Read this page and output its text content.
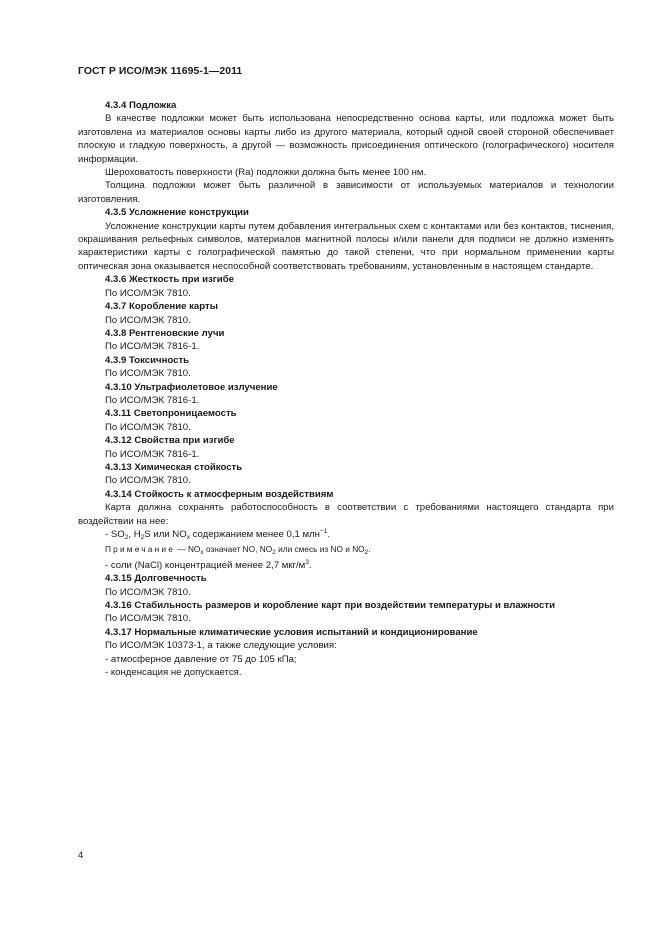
ГОСТ Р ИСО/МЭК 11695-1—2011

4.3.4 Подложка

В качестве подложки может быть использована непосредственно основа карты, или подложка может быть изготовлена из материалов основы карты либо из другого материала, который одной своей стороной обеспечивает плоскую и гладкую поверхность, а другой — возможность присоединения оптического (голографического) носителя информации.

Шероховатость поверхности (Ra) подложки должна быть менее 100 нм.

Толщина подложки может быть различной в зависимости от используемых материалов и технологии изготовления.

4.3.5 Усложнение конструкции

Усложнение конструкции карты путем добавления интегральных схем с контактами или без контактов, тиснения, окрашивания рельефных символов, материалов магнитной полосы и/или панели для подписи не должно изменять характеристики карты с голографической памятью до такой степени, что при нормальном применении карты оптическая зона оказывается неспособной соответствовать требованиям, установленным в настоящем стандарте.

4.3.6 Жесткость при изгибе

По ИСО/МЭК 7810.

4.3.7 Коробление карты

По ИСО/МЭК 7810.

4.3.8 Рентгеновские лучи

По ИСО/МЭК 7816-1.

4.3.9 Токсичность

По ИСО/МЭК 7810.

4.3.10 Ультрафиолетовое излучение

По ИСО/МЭК 7816-1.

4.3.11 Светопроницаемость

По ИСО/МЭК 7810.

4.3.12 Свойства при изгибе

По ИСО/МЭК 7816-1.

4.3.13 Химическая стойкость

По ИСО/МЭК 7810.

4.3.14 Стойкость к атмосферным воздействиям

Карта должна сохранять работоспособность в соответствии с требованиями настоящего стандарта при воздействии на нее:

- $SO_2$, $H_2S$ или $NO_x$ содержанием менее 0,1 млн$^{-1}$.

Примечание — $NO_x$ означает NO, $NO_2$ или смесь из NO и $NO_2$.

- соли (NaCl) концентрацией менее 2,7 мкг/$м^3$.

4.3.15 Долговечность

По ИСО/МЭК 7810.

4.3.16 Стабильность размеров и коробление карт при воздействии температуры и влажности

По ИСО/МЭК 7810.

4.3.17 Нормальные климатические условия испытаний и кондиционирование

По ИСО/МЭК 10373-1, а также следующие условия:

- атмосферное давление от 75 до 105 кПа;

- конденсация не допускается.

4
